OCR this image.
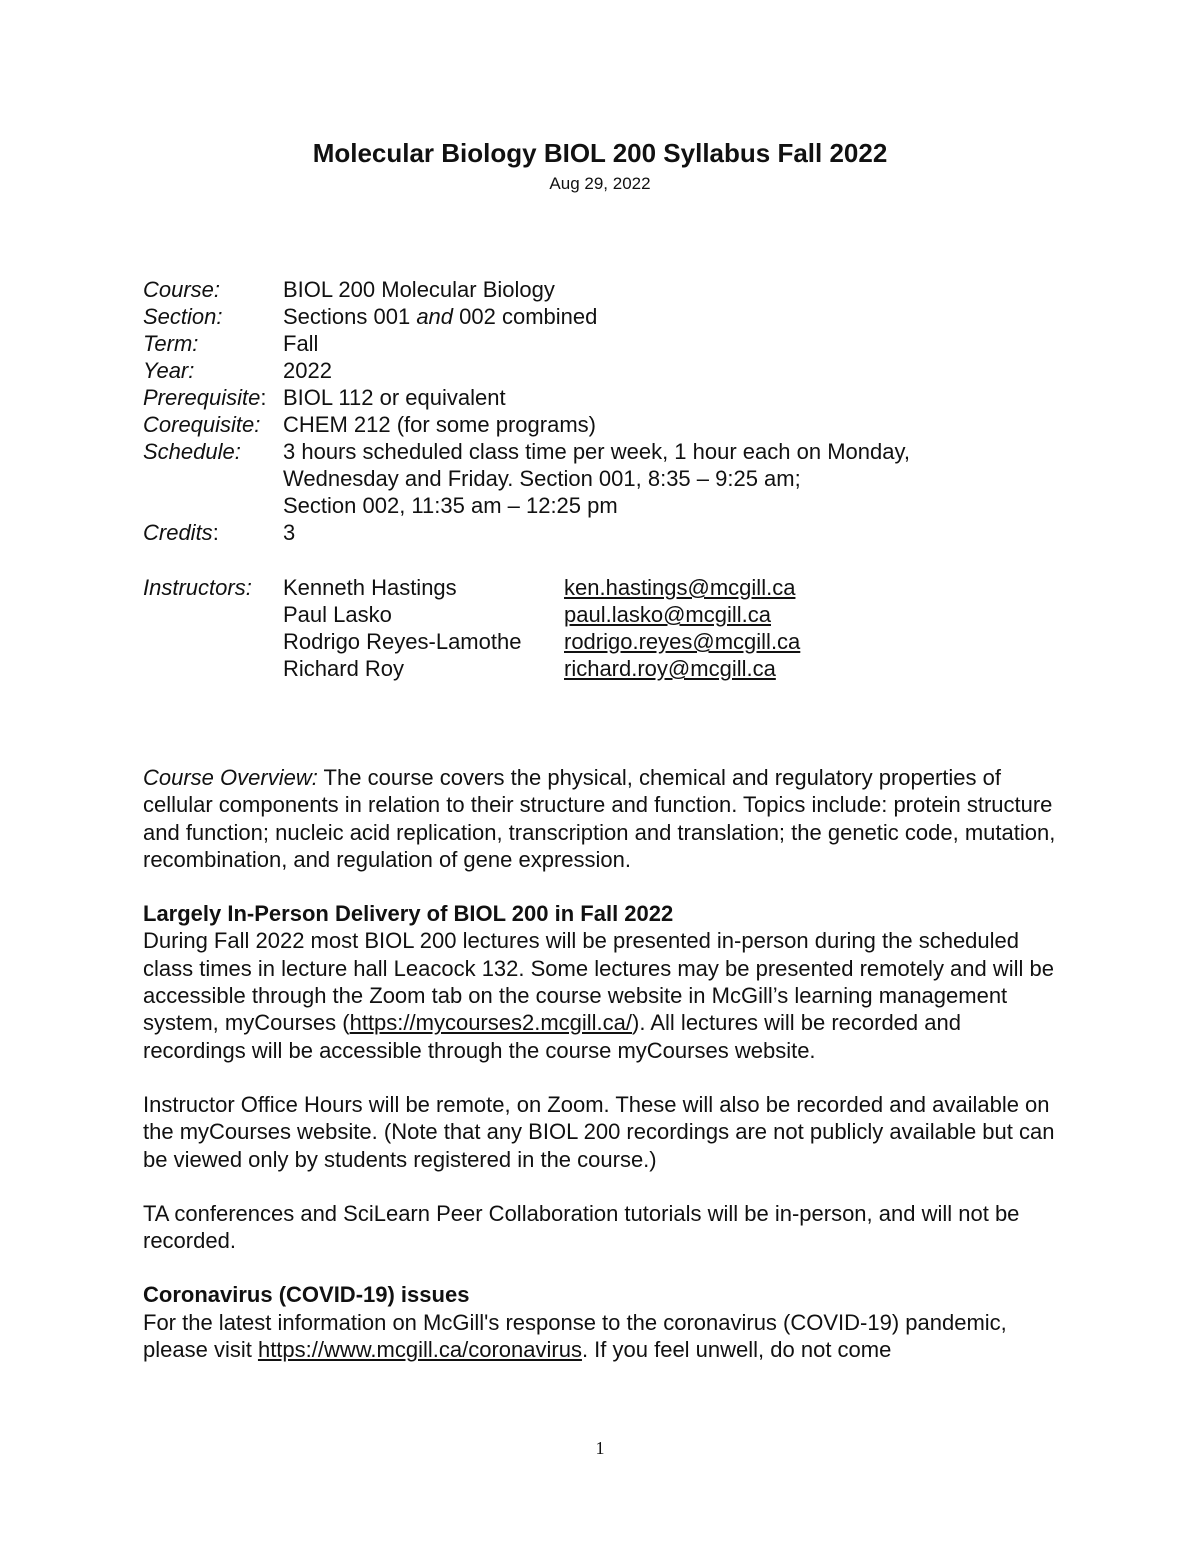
Molecular Biology BIOL 200 Syllabus Fall 2022
Aug 29, 2022
Course:	BIOL 200 Molecular Biology
Section:	Sections 001 and 002 combined
Term:	Fall
Year:	2022
Prerequisite: BIOL 112 or equivalent
Corequisite:	CHEM 212 (for some programs)
Schedule:	3 hours scheduled class time per week, 1 hour each on Monday,
Wednesday and Friday. Section 001, 8:35 – 9:25 am;
Section 002, 11:35 am – 12:25 pm
Credits:	3
Instructors:	Kenneth Hastings	ken.hastings@mcgill.ca
Paul Lasko	paul.lasko@mcgill.ca
Rodrigo Reyes-Lamothe	rodrigo.reyes@mcgill.ca
Richard Roy	richard.roy@mcgill.ca

Course Overview: The course covers the physical, chemical and regulatory properties of cellular components in relation to their structure and function. Topics include: protein structure and function; nucleic acid replication, transcription and translation; the genetic code, mutation, recombination, and regulation of gene expression.

Largely In-Person Delivery of BIOL 200 in Fall 2022

During Fall 2022 most BIOL 200 lectures will be presented in-person during the scheduled class times in lecture hall Leacock 132. Some lectures may be presented remotely and will be accessible through the Zoom tab on the course website in McGill’s learning management system, myCourses (https://mycourses2.mcgill.ca/). All lectures will be recorded and recordings will be accessible through the course myCourses website.

Instructor Office Hours will be remote, on Zoom. These will also be recorded and available on the myCourses website. (Note that any BIOL 200 recordings are not publicly available but can be viewed only by students registered in the course.)

TA conferences and SciLearn Peer Collaboration tutorials will be in-person, and will not be recorded.

Coronavirus (COVID-19) issues

For the latest information on McGill's response to the coronavirus (COVID-19) pandemic, please visit https://www.mcgill.ca/coronavirus. If you feel unwell, do not come

1
